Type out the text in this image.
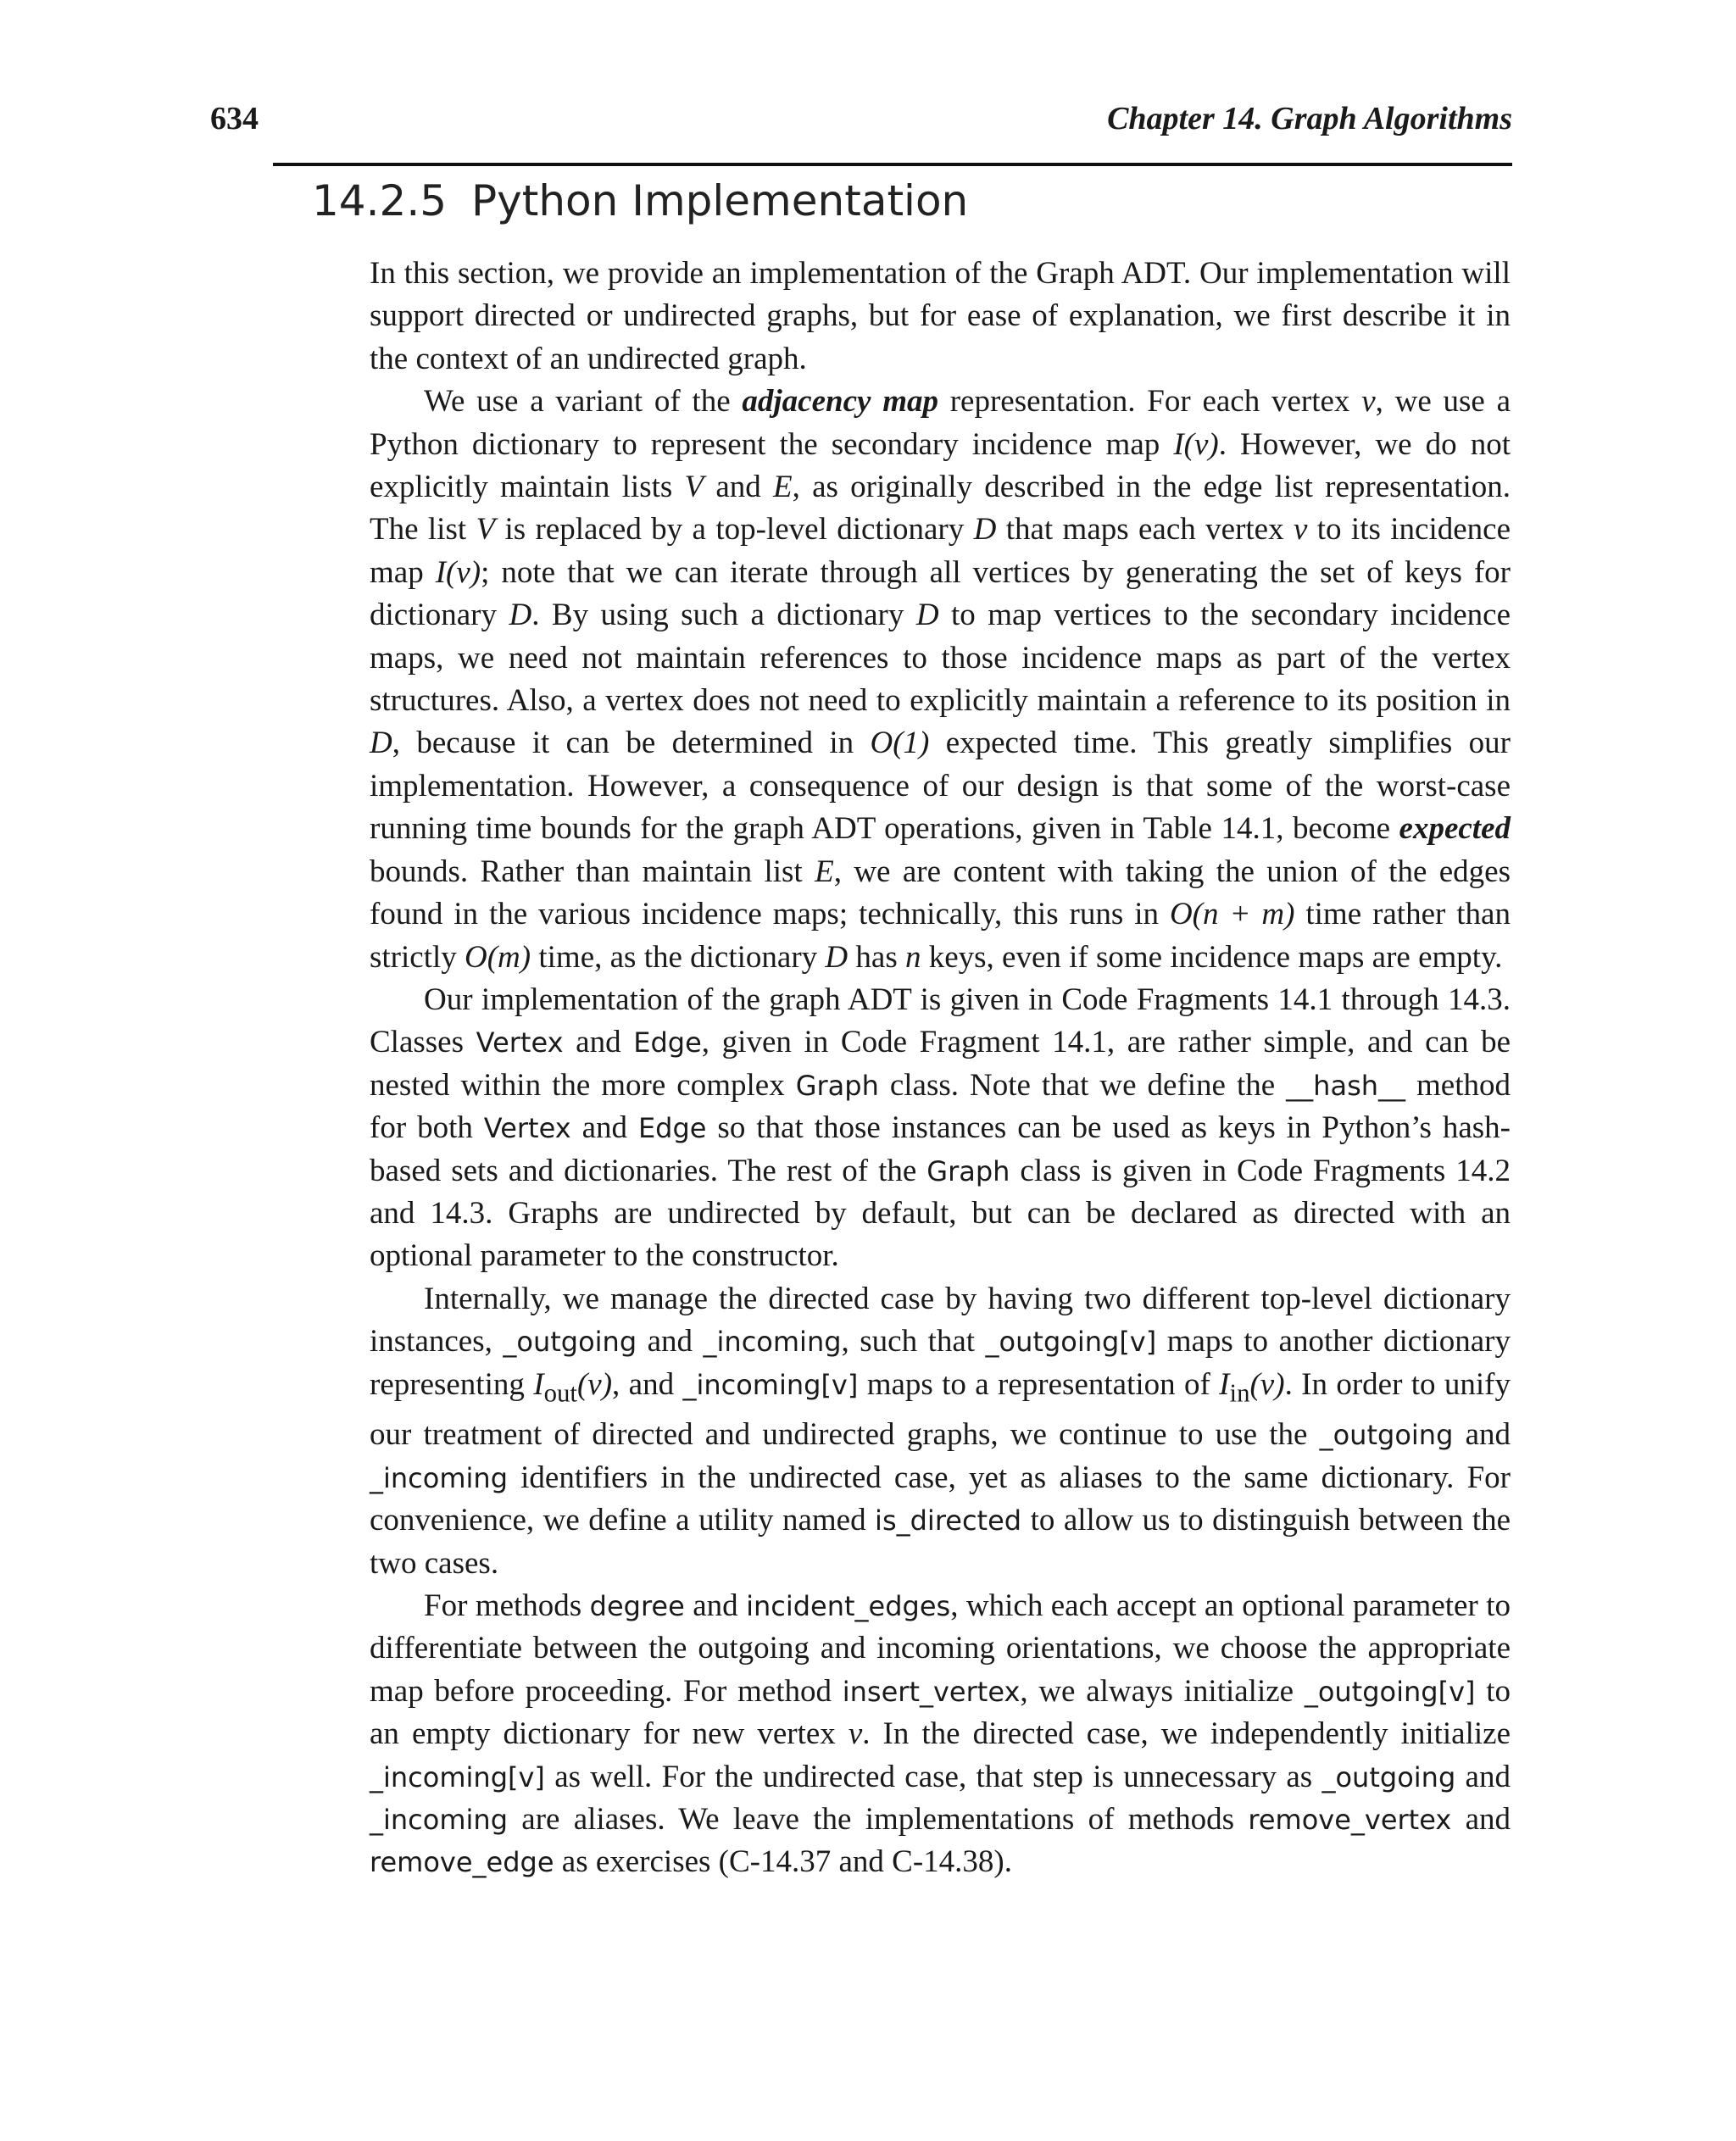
634	Chapter 14. Graph Algorithms
14.2.5 Python Implementation

In this section, we provide an implementation of the Graph ADT. Our implementation will support directed or undirected graphs, but for ease of explanation, we first describe it in the context of an undirected graph.

We use a variant of the adjacency map representation. For each vertex v, we use a Python dictionary to represent the secondary incidence map I(v). However, we do not explicitly maintain lists V and E, as originally described in the edge list representation. The list V is replaced by a top-level dictionary D that maps each vertex v to its incidence map I(v); note that we can iterate through all vertices by generating the set of keys for dictionary D. By using such a dictionary D to map vertices to the secondary incidence maps, we need not maintain references to those incidence maps as part of the vertex structures. Also, a vertex does not need to explicitly maintain a reference to its position in D, because it can be determined in O(1) expected time. This greatly simplifies our implementation. However, a consequence of our design is that some of the worst-case running time bounds for the graph ADT operations, given in Table 14.1, become expected bounds. Rather than maintain list E, we are content with taking the union of the edges found in the various incidence maps; technically, this runs in O(n + m) time rather than strictly O(m) time, as the dictionary D has n keys, even if some incidence maps are empty.

Our implementation of the graph ADT is given in Code Fragments 14.1 through 14.3. Classes Vertex and Edge, given in Code Fragment 14.1, are rather simple, and can be nested within the more complex Graph class. Note that we define the __hash__ method for both Vertex and Edge so that those instances can be used as keys in Python’s hash-based sets and dictionaries. The rest of the Graph class is given in Code Fragments 14.2 and 14.3. Graphs are undirected by default, but can be declared as directed with an optional parameter to the constructor.

Internally, we manage the directed case by having two different top-level dictionary instances, _outgoing and _incoming, such that _outgoing[v] maps to another dictionary representing $I_{out}(v)$, and _incoming[v] maps to a representation of $I_{in}(v)$. In order to unify our treatment of directed and undirected graphs, we continue to use the _outgoing and _incoming identifiers in the undirected case, yet as aliases to the same dictionary. For convenience, we define a utility named is_directed to allow us to distinguish between the two cases.

For methods degree and incident_edges, which each accept an optional parameter to differentiate between the outgoing and incoming orientations, we choose the appropriate map before proceeding. For method insert_vertex, we always initialize _outgoing[v] to an empty dictionary for new vertex v. In the directed case, we independently initialize _incoming[v] as well. For the undirected case, that step is unnecessary as _outgoing and _incoming are aliases. We leave the implementations of methods remove_vertex and remove_edge as exercises (C-14.37 and C-14.38).
